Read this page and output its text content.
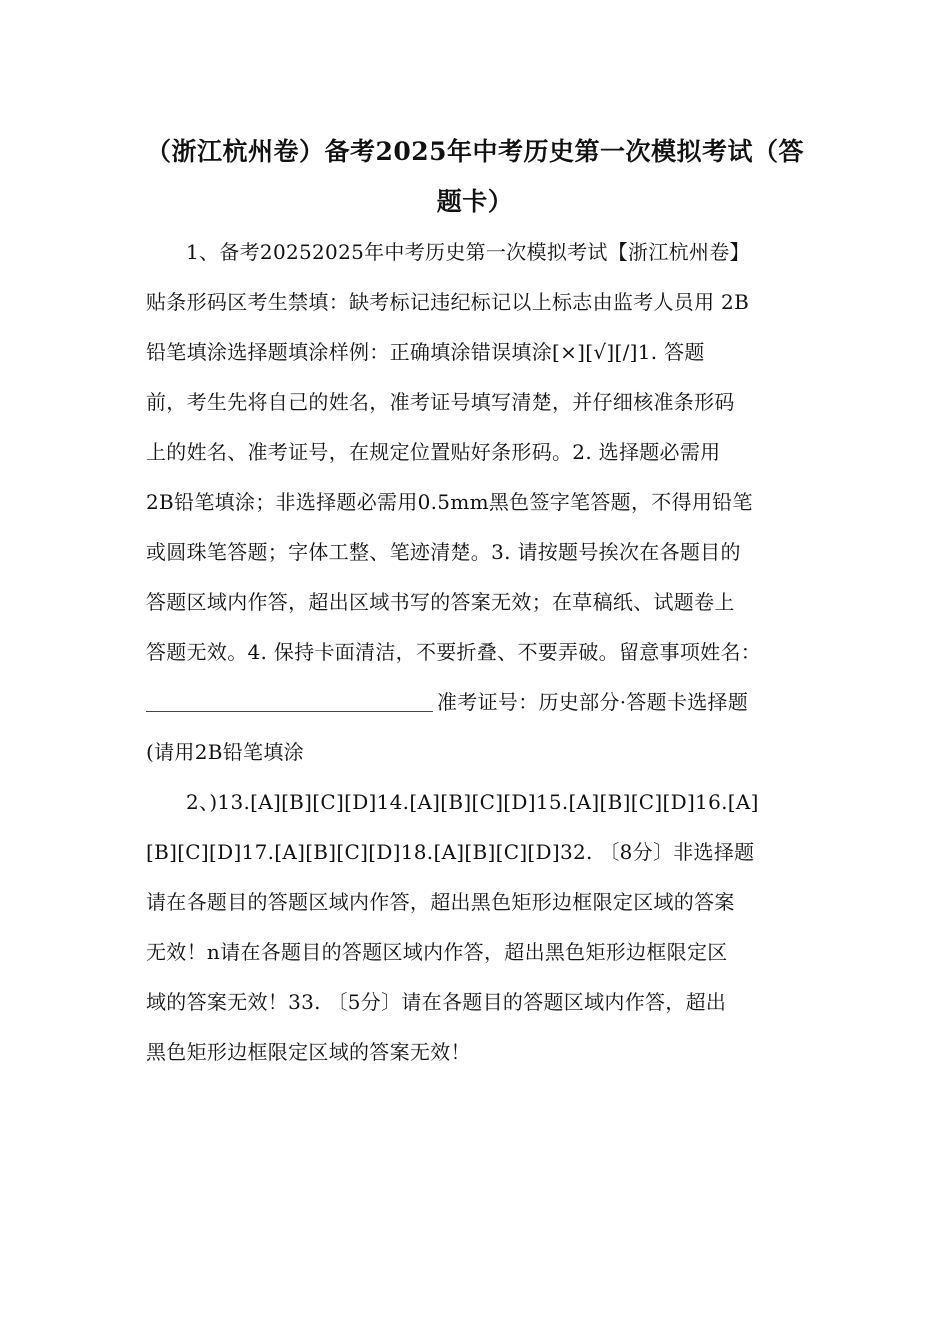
（浙江杭州卷）备考2025年中考历史第一次模拟考试（答
题卡）
1、备考20252025年中考历史第一次模拟考试【浙江杭州卷】
贴条形码区考生禁填：缺考标记违纪标记以上标志由监考人员用 2B
铅笔填涂选择题填涂样例：正确填涂错误填涂[×][√][/]1. 答题
前，考生先将自己的姓名，准考证号填写清楚，并仔细核准条形码
上的姓名、准考证号，在规定位置贴好条形码。2. 选择题必需用
2B铅笔填涂；非选择题必需用0.5mm黑色签字笔答题，不得用铅笔
或圆珠笔答题；字体工整、笔迹清楚。3. 请按题号挨次在各题目的
答题区域内作答，超出区域书写的答案无效；在草稿纸、试题卷上
答题无效。4. 保持卡面清洁，不要折叠、不要弄破。留意事项姓名：
准考证号：历史部分·答题卡选择题
(请用2B铅笔填涂
2、)13.[A][B][C][D]14.[A][B][C][D]15.[A][B][C][D]16.[A]
[B][C][D]17.[A][B][C][D]18.[A][B][C][D]32. 〔8分〕非选择题
请在各题目的答题区域内作答，超出黑色矩形边框限定区域的答案
无效！n请在各题目的答题区域内作答，超出黑色矩形边框限定区
域的答案无效！33. 〔5分〕请在各题目的答题区域内作答，超出
黑色矩形边框限定区域的答案无效！
